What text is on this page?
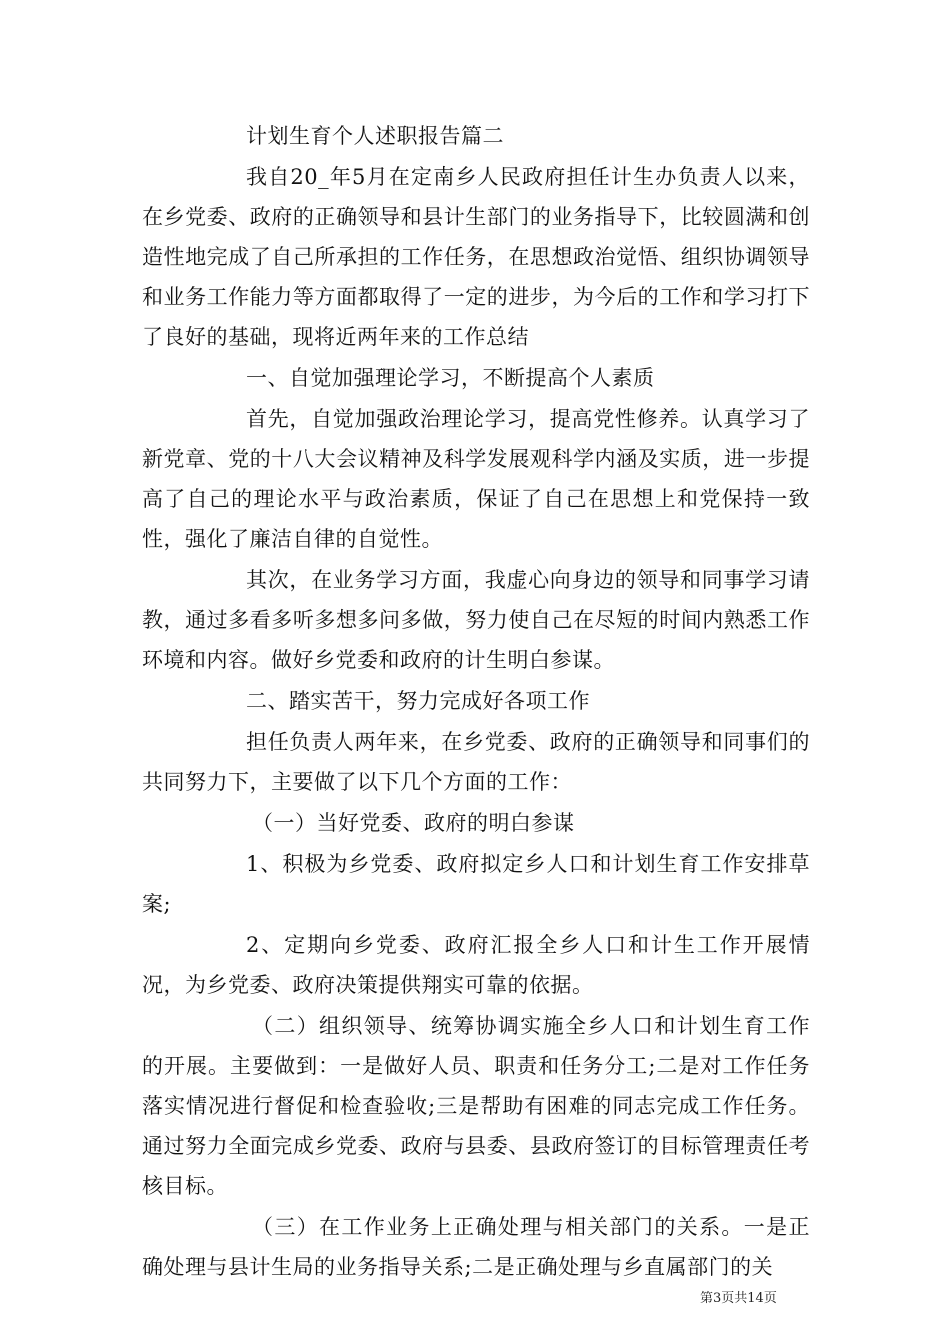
计划生育个人述职报告篇二

我自20_年5月在定南乡人民政府担任计生办负责人以来，在乡党委、政府的正确领导和县计生部门的业务指导下，比较圆满和创造性地完成了自己所承担的工作任务，在思想政治觉悟、组织协调领导和业务工作能力等方面都取得了一定的进步，为今后的工作和学习打下了良好的基础，现将近两年来的工作总结

一、自觉加强理论学习，不断提高个人素质

首先，自觉加强政治理论学习，提高党性修养。认真学习了新党章、党的十八大会议精神及科学发展观科学内涵及实质，进一步提高了自己的理论水平与政治素质，保证了自己在思想上和党保持一致性，强化了廉洁自律的自觉性。

其次，在业务学习方面，我虚心向身边的领导和同事学习请教，通过多看多听多想多问多做，努力使自己在尽短的时间内熟悉工作环境和内容。做好乡党委和政府的计生明白参谋。

二、踏实苦干，努力完成好各项工作

担任负责人两年来，在乡党委、政府的正确领导和同事们的共同努力下，主要做了以下几个方面的工作：

（一）当好党委、政府的明白参谋

1、积极为乡党委、政府拟定乡人口和计划生育工作安排草案;

2、定期向乡党委、政府汇报全乡人口和计生工作开展情况，为乡党委、政府决策提供翔实可靠的依据。

（二）组织领导、统筹协调实施全乡人口和计划生育工作的开展。主要做到：一是做好人员、职责和任务分工;二是对工作任务落实情况进行督促和检查验收;三是帮助有困难的同志完成工作任务。通过努力全面完成乡党委、政府与县委、县政府签订的目标管理责任考核目标。

（三）在工作业务上正确处理与相关部门的关系。一是正确处理与县计生局的业务指导关系;二是正确处理与乡直属部门的关

第3页共14页
